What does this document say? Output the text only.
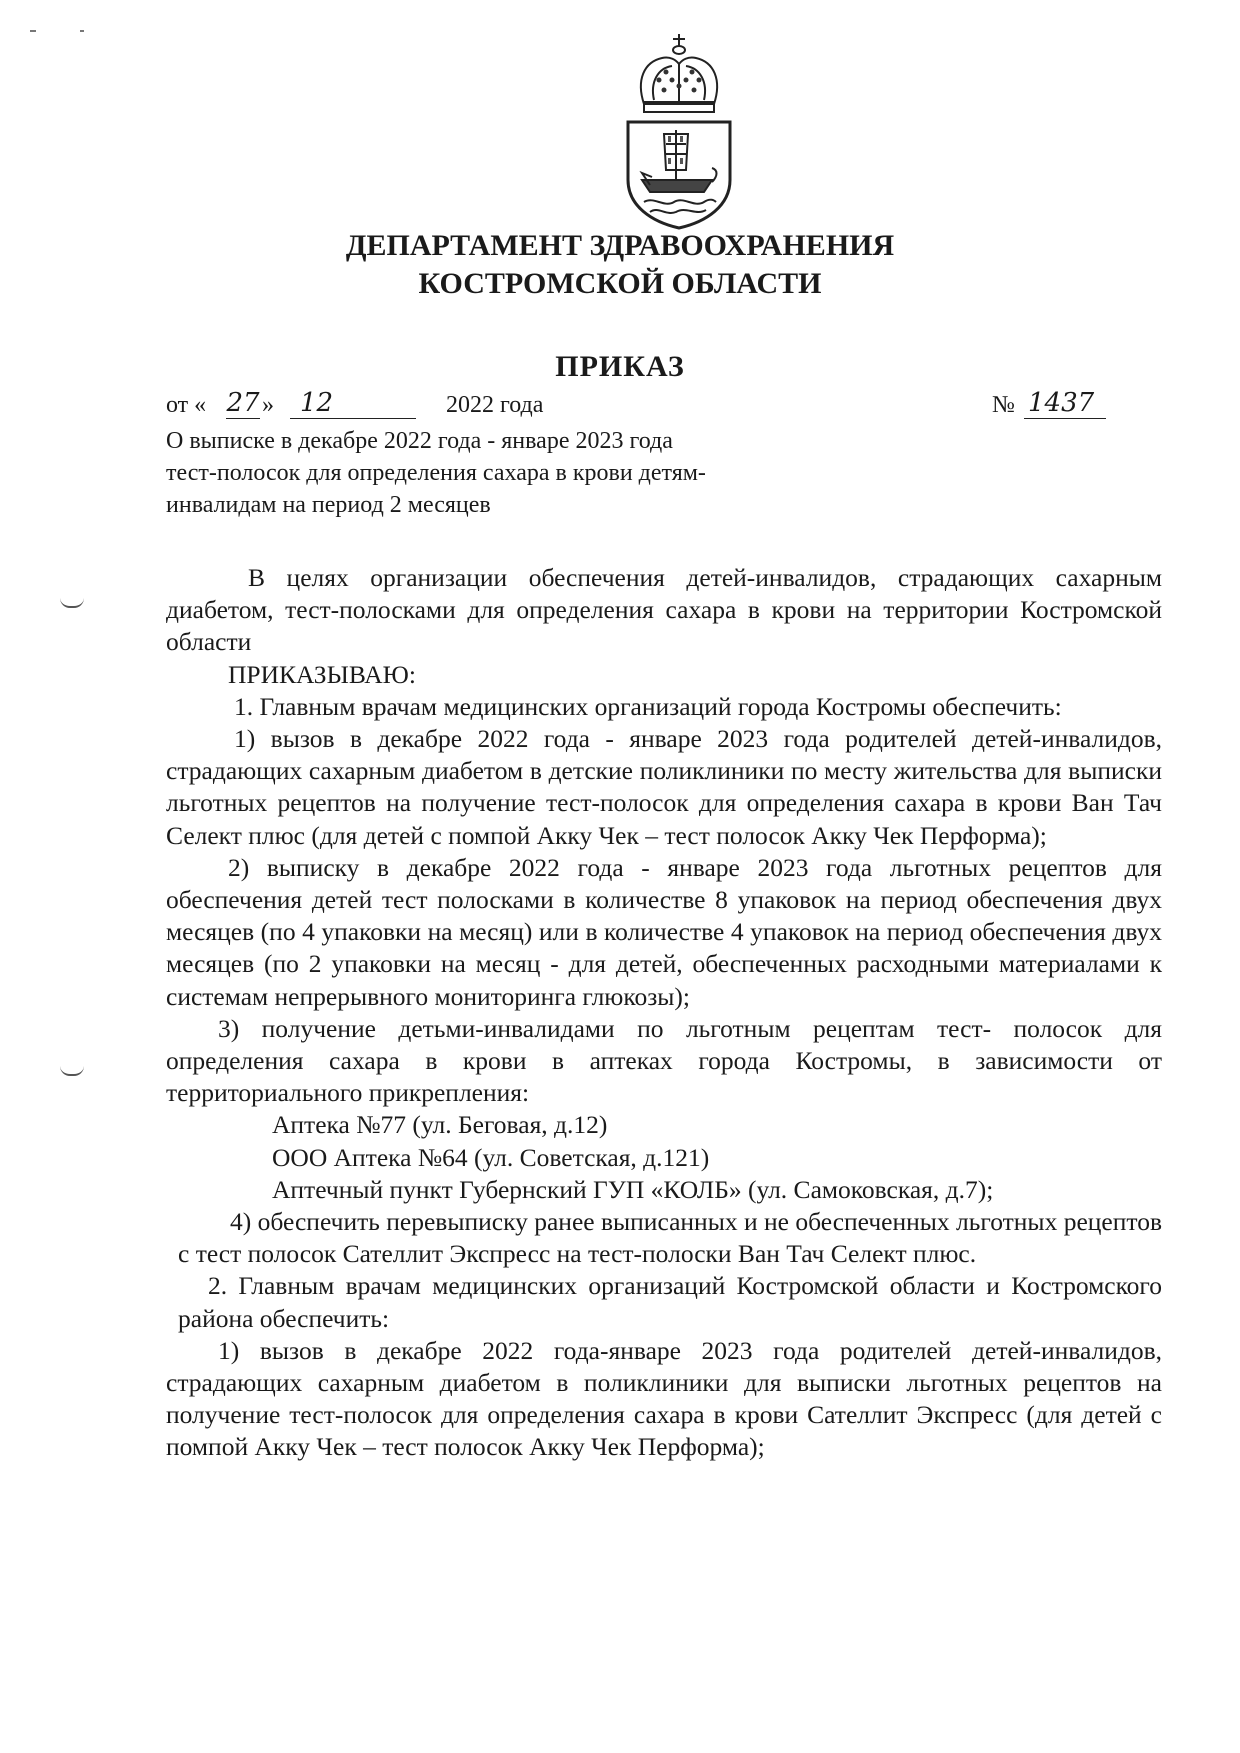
ДЕПАРТАМЕНТ ЗДРАВООХРАНЕНИЯ
КОСТРОМСКОЙ ОБЛАСТИ
ПРИКАЗ
от « 27 »	12	2022 года	№ 1437
О выписке в декабре 2022 года - январе 2023 года
тест-полосок для определения сахара в крови детям-
инвалидам на период 2 месяцев

В целях организации обеспечения детей-инвалидов, страдающих сахарным диабетом, тест-полосками для определения сахара в крови на территории Костромской области

ПРИКАЗЫВАЮ:

1. Главным врачам медицинских организаций города Костромы обеспечить:

1) вызов в декабре 2022 года - январе 2023 года родителей детей-инвалидов, страдающих сахарным диабетом в детские поликлиники по месту жительства для выписки льготных рецептов на получение тест-полосок для определения сахара в крови Ван Тач Селект плюс (для детей с помпой Акку Чек – тест полосок Акку Чек Перформа);

2) выписку в декабре 2022 года - январе 2023 года льготных рецептов для обеспечения детей тест полосками в количестве 8 упаковок на период обеспечения двух месяцев (по 4 упаковки на месяц) или в количестве 4 упаковок на период обеспечения двух месяцев (по 2 упаковки на месяц - для детей, обеспеченных расходными материалами к системам непрерывного мониторинга глюкозы);

3) получение детьми-инвалидами по льготным рецептам тест- полосок для определения сахара в крови в аптеках города Костромы, в зависимости от территориального прикрепления:

Аптека №77 (ул. Беговая, д.12)

ООО Аптека №64 (ул. Советская, д.121)

Аптечный пункт Губернский ГУП «КОЛБ» (ул. Самоковская, д.7);

4) обеспечить перевыписку ранее выписанных и не обеспеченных льготных рецептов с тест полосок Сателлит Экспресс на тест-полоски Ван Тач Селект плюс.

2. Главным врачам медицинских организаций Костромской области и Костромского района обеспечить:

1) вызов в декабре 2022 года-январе 2023 года родителей детей-инвалидов, страдающих сахарным диабетом в поликлиники для выписки льготных рецептов на получение тест-полосок для определения сахара в крови Сателлит Экспресс (для детей с помпой Акку Чек – тест полосок Акку Чек Перформа);
